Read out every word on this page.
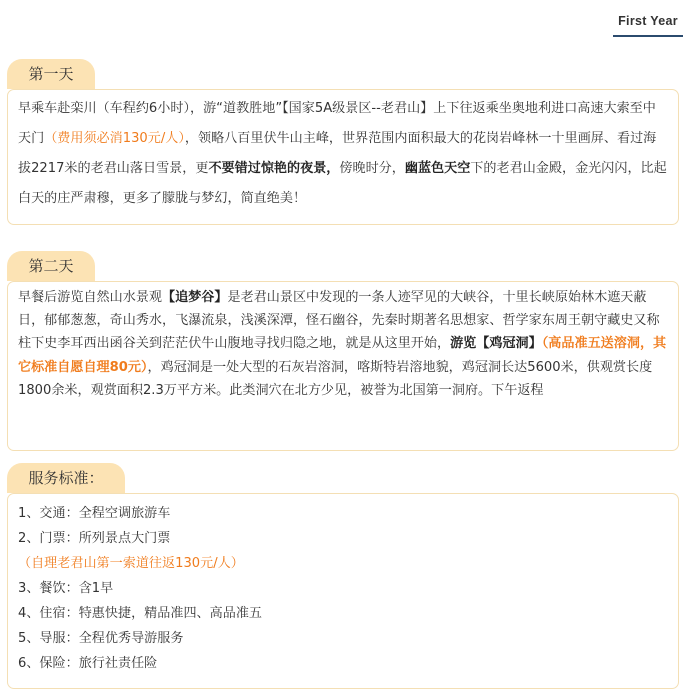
First Year
第一天

早乘车赴栾川（车程约6小时），游“道教胜地”【国家5A级景区--老君山】上下往返乘坐奥地利进口高速大索至中天门（费用须必消130元/人），领略八百里伏牛山主峰，世界范围内面积最大的花岗岩峰林一十里画屏、看过海拔2217米的老君山落日雪景，更不要错过惊艳的夜景，傍晚时分，幽蓝色天空下的老君山金殿，金光闪闪，比起白天的庄严肃穆，更多了朦胧与梦幻，简直绝美！

第二天

早餐后游览自然山水景观【追梦谷】是老君山景区中发现的一条人迹罕见的大峡谷，十里长峡原始林木遮天蔽日，郁郁葱葱，奇山秀水，飞瀑流泉，浅溪深潭，怪石幽谷，先秦时期著名思想家、哲学家东周王朝守藏史又称柱下史李耳西出函谷关到茫茫伏牛山腹地寻找归隐之地，就是从这里开始，游览【鸡冠洞】（高品准五送溶洞，其它标准自愿自理80元），鸡冠洞是一处大型的石灰岩溶洞，喀斯特岩溶地貌，鸡冠洞长达5600米，供观赏长度1800余米，观赏面积2.3万平方米。此类洞穴在北方少见，被誉为北国第一洞府。下午返程

服务标准：

1、交通：全程空调旅游车

2、门票：所列景点大门票

（自理老君山第一索道往返130元/人）

3、餐饮：含1早

4、住宿：特惠快捷，精品准四、高品准五

5、导服：全程优秀导游服务

6、保险：旅行社责任险
